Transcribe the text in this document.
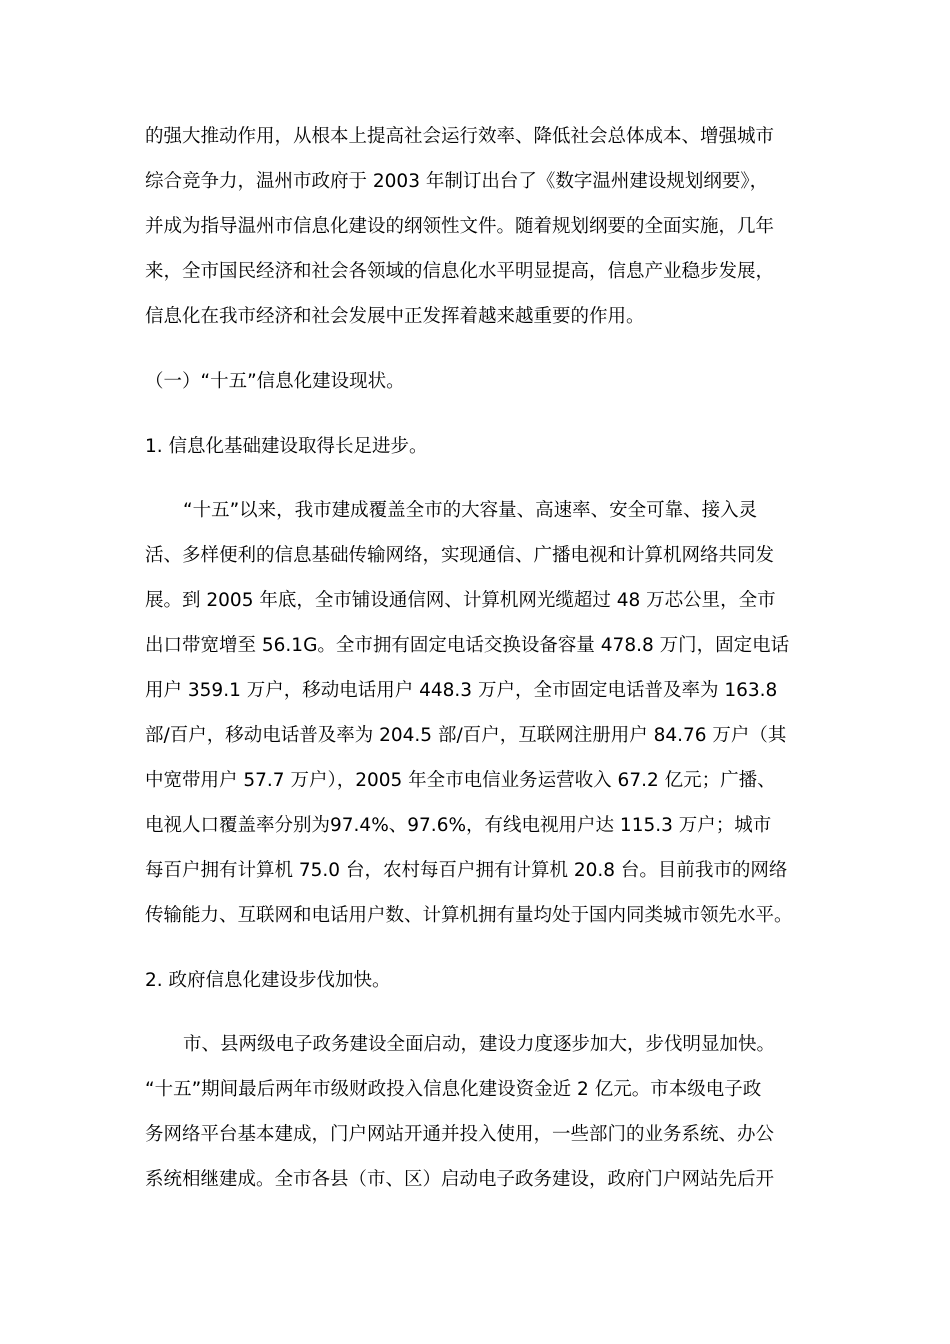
的强大推动作用，从根本上提高社会运行效率、降低社会总体成本、增强城市
综合竞争力，温州市政府于 2003 年制订出台了《数字温州建设规划纲要》，
并成为指导温州市信息化建设的纲领性文件。随着规划纲要的全面实施，几年
来，全市国民经济和社会各领域的信息化水平明显提高，信息产业稳步发展，
信息化在我市经济和社会发展中正发挥着越来越重要的作用。
（一）“十五”信息化建设现状。
1. 信息化基础建设取得长足进步。
“十五”以来，我市建成覆盖全市的大容量、高速率、安全可靠、接入灵
活、多样便利的信息基础传输网络，实现通信、广播电视和计算机网络共同发
展。到 2005 年底，全市铺设通信网、计算机网光缆超过 48 万芯公里，全市
出口带宽增至 56.1G。全市拥有固定电话交换设备容量 478.8 万门，固定电话
用户 359.1 万户，移动电话用户 448.3 万户，全市固定电话普及率为 163.8
部/百户，移动电话普及率为 204.5 部/百户，互联网注册用户 84.76 万户（其
中宽带用户 57.7 万户），2005 年全市电信业务运营收入 67.2 亿元；广播、
电视人口覆盖率分别为97.4%、97.6%，有线电视用户达 115.3 万户；城市
每百户拥有计算机 75.0 台，农村每百户拥有计算机 20.8 台。目前我市的网络
传输能力、互联网和电话用户数、计算机拥有量均处于国内同类城市领先水平。
2. 政府信息化建设步伐加快。
市、县两级电子政务建设全面启动，建设力度逐步加大，步伐明显加快。
“十五”期间最后两年市级财政投入信息化建设资金近 2 亿元。市本级电子政
务网络平台基本建成，门户网站开通并投入使用，一些部门的业务系统、办公
系统相继建成。全市各县（市、区）启动电子政务建设，政府门户网站先后开
